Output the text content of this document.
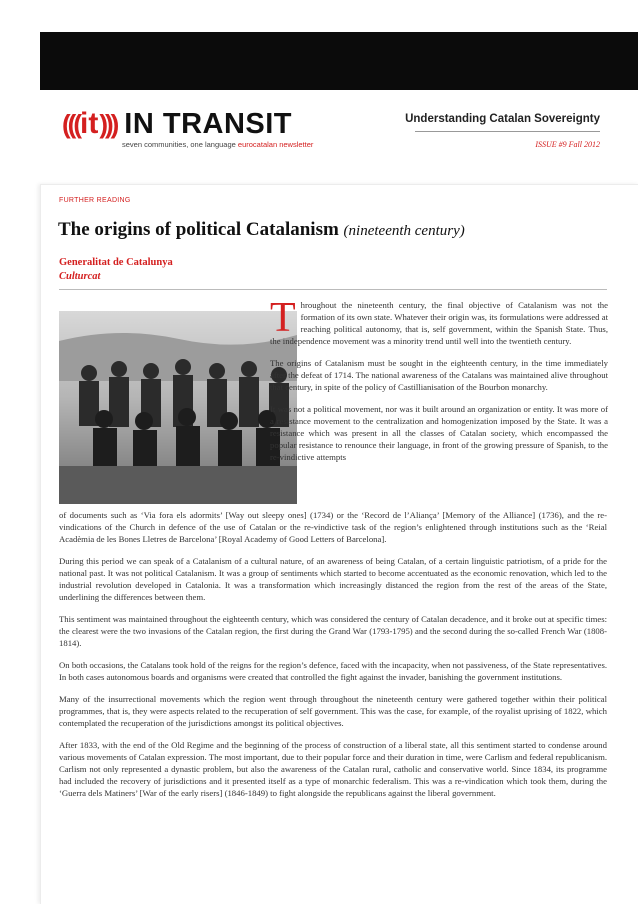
((( it ))) IN TRANSIT
seven communities, one language eurocatalan newsletter
Understanding Catalan Sovereignty
ISSUE #9 Fall 2012
FURTHER READING
The origins of political Catalanism (nineteenth century)
Generalitat de Catalunya
Culturcat

Throughout the nineteenth century, the final objective of Catalanism was not the formation of its own state. Whatever their origin was, its formulations were addressed at reaching political autonomy, that is, self government, within the Spanish State. Thus, the independence movement was a minority trend until well into the twentieth century.

The origins of Catalanism must be sought in the eighteenth century, in the time immediately after the defeat of 1714. The national awareness of the Catalans was maintained alive throughout that century, in spite of the policy of Castillianisation of the Bourbon monarchy.

It was not a political movement, nor was it built around an organization or entity. It was more of a resistance movement to the centralization and homogenization imposed by the State. It was a resistance which was present in all the classes of Catalan society, which encompassed the popular resistance to renounce their language, in front of the growing pressure of Spanish, to the re-vindictive attempts

of documents such as ‘Via fora els adormits’ [Way out sleepy ones] (1734) or the ‘Record de l’Aliança’ [Memory of the Alliance] (1736), and the re-vindications of the Church in defence of the use of Catalan or the re-vindictive task of the region’s enlightened through institutions such as the ‘Reial Acadèmia de les Bones Lletres de Barcelona’ [Royal Academy of Good Letters of Barcelona].

During this period we can speak of a Catalanism of a cultural nature, of an awareness of being Catalan, of a certain linguistic patriotism, of a pride for the national past. It was not political Catalanism. It was a group of sentiments which started to become accentuated as the economic renovation, which led to the industrial revolution developed in Catalonia. It was a transformation which increasingly distanced the region from the rest of the areas of the State, underlining the differences between them.

This sentiment was maintained throughout the eighteenth century, which was considered the century of Catalan decadence, and it broke out at specific times: the clearest were the two invasions of the Catalan region, the first during the Grand War (1793-1795) and the second during the so-called French War (1808-1814).

On both occasions, the Catalans took hold of the reigns for the region’s defence, faced with the incapacity, when not passiveness, of the State representatives. In both cases autonomous boards and organisms were created that controlled the fight against the invader, banishing the government institutions.

Many of the insurrectional movements which the region went through throughout the nineteenth century were gathered together within their political programmes, that is, they were aspects related to the recuperation of self government. This was the case, for example, of the royalist uprising of 1822, which contemplated the recuperation of the jurisdictions amongst its political objectives.

After 1833, with the end of the Old Regime and the beginning of the process of construction of a liberal state, all this sentiment started to condense around various movements of Catalan expression. The most important, due to their popular force and their duration in time, were Carlism and federal republicanism. Carlism not only represented a dynastic problem, but also the awareness of the Catalan rural, catholic and conservative world. Since 1834, its programme had included the recovery of jurisdictions and it presented itself as a type of monarchic federalism. This was a re-vindication which took them, during the ‘Guerra dels Matiners’ [War of the early risers] (1846-1849) to fight alongside the republicans against the liberal government.
